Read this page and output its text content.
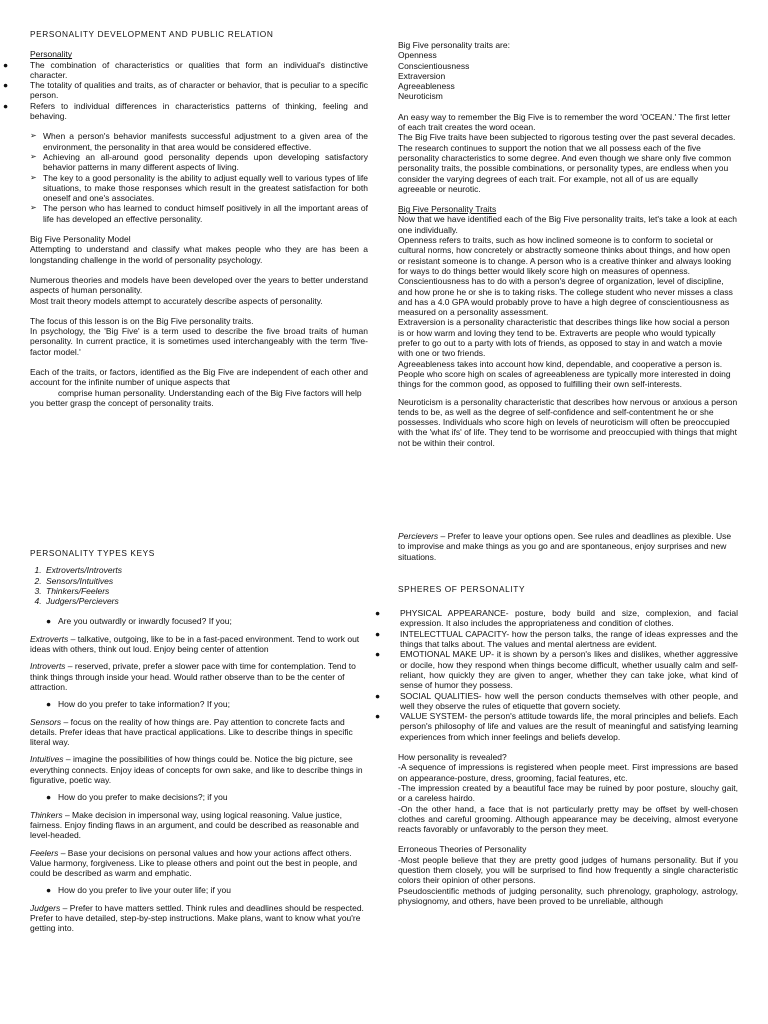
PERSONALITY DEVELOPMENT AND PUBLIC RELATION

Personality

●	The combination of characteristics or qualities that form an individual's distinctive character.

●	The totality of qualities and traits, as of character or behavior, that is peculiar to a specific person.

●	Refers to individual differences in characteristics patterns of thinking, feeling and behaving.

➢ When a person's behavior manifests successful adjustment to a given area of the environment, the personality in that area would be considered effective.

➢ Achieving an all-around good personality depends upon developing satisfactory behavior patterns in many different aspects of living.

➢ The key to a good personality is the ability to adjust equally well to various types of life situations, to make those responses which result in the greatest satisfaction for both oneself and one's associates.

➢ The person who has learned to conduct himself positively in all the important areas of life has developed an effective personality.

Big Five Personality Model

Attempting to understand and classify what makes people who they are has been a longstanding challenge in the world of personality psychology.

Numerous theories and models have been developed over the years to better understand aspects of human personality.

Most trait theory models attempt to accurately describe aspects of personality.

The focus of this lesson is on the Big Five personality traits.

In psychology, the 'Big Five' is a term used to describe the five broad traits of human personality. In current practice, it is sometimes used interchangeably with the term 'five-factor model.'

Each of the traits, or factors, identified as the Big Five are independent of each other and account for the infinite number of unique aspects that

comprise human personality. Understanding each of the Big Five factors will help you better grasp the concept of personality traits.

Big Five personality traits are:

Openness

Conscientiousness

Extraversion

Agreeableness

Neuroticism

An easy way to remember the Big Five is to remember the word 'OCEAN.' The first letter of each trait creates the word ocean.

The Big Five traits have been subjected to rigorous testing over the past several decades. The research continues to support the notion that we all possess each of the five personality characteristics to some degree. And even though we share only five common personality traits, the possible combinations, or personality types, are endless when you consider the varying degrees of each trait. For example, not all of us are equally agreeable or neurotic.

Big Five Personality Traits

Now that we have identified each of the Big Five personality traits, let's take a look at each one individually.

Openness refers to traits, such as how inclined someone is to conform to societal or cultural norms, how concretely or abstractly someone thinks about things, and how open or resistant someone is to change. A person who is a creative thinker and always looking for ways to do things better would likely score high on measures of openness.

Conscientiousness has to do with a person's degree of organization, level of discipline, and how prone he or she is to taking risks. The college student who never misses a class and has a 4.0 GPA would probably prove to have a high degree of conscientiousness as measured on a personality assessment.

Extraversion is a personality characteristic that describes things like how social a person is or how warm and loving they tend to be. Extraverts are people who would typically prefer to go out to a party with lots of friends, as opposed to stay in and watch a movie with one or two friends.

Agreeableness takes into account how kind, dependable, and cooperative a person is. People who score high on scales of agreeableness are typically more interested in doing things for the common good, as opposed to fulfilling their own self-interests.

Neuroticism is a personality characteristic that describes how nervous or anxious a person tends to be, as well as the degree of self-confidence and self-contentment he or she possesses. Individuals who score high on levels of neuroticism will often be preoccupied with the 'what ifs' of life. They tend to be worrisome and preoccupied with things that might not be within their control.

PERSONALITY TYPES KEYS

1. Extroverts/Introverts
2. Sensors/Intuitives
3. Thinkers/Feelers
4. Judgers/Percievers
● Are you outwardly or inwardly focused? If you;

Extroverts – talkative, outgoing, like to be in a fast-paced environment. Tend to work out ideas with others, think out loud. Enjoy being center of attention

Introverts – reserved, private, prefer a slower pace with time for contemplation. Tend to think things through inside your head. Would rather observe than to be the center of attraction.

● How do you prefer to take information? If you;

Sensors – focus on the reality of how things are. Pay attention to concrete facts and details. Prefer ideas that have practical applications. Like to describe things in specific literal way.

Intuitives – imagine the possibilities of how things could be. Notice the big picture, see everything connects. Enjoy ideas of concepts for own sake, and like to describe things in figurative, poetic way.

● How do you prefer to make decisions?; if you

Thinkers – Make decision in impersonal way, using logical reasoning. Value justice, fairness. Enjoy finding flaws in an argument, and could be described as reasonable and level-headed.

Feelers – Base your decisions on personal values and how your actions affect others. Value harmony, forgiveness. Like to please others and point out the best in people, and could be described as warm and emphatic.

● How do you prefer to live your outer life; if you

Judgers – Prefer to have matters settled. Think rules and deadlines should be respected. Prefer to have detailed, step-by-step instructions. Make plans, want to know what you're getting into.

Percievers – Prefer to leave your options open. See rules and deadlines as plexible. Use to improvise and make things as you go and are spontaneous, enjoy surprises and new situations.

SPHERES OF PERSONALITY

● PHYSICAL APPEARANCE- posture, body build and size, complexion, and facial expression. It also includes the appropriateness and condition of clothes.

● INTELECTTUAL CAPACITY- how the person talks, the range of ideas expresses and the things that talks about. The values and mental alertness are evident.

● EMOTIONAL MAKE UP- it is shown by a person's likes and dislikes, whether aggressive or docile, how they respond when things become difficult, whether usually calm and self-reliant, how quickly they are given to anger, whether they can take joke, what kind of sense of humor they possess.

● SOCIAL QUALITIES- how well the person conducts themselves with other people, and well they observe the rules of etiquette that govern society.

● VALUE SYSTEM- the person's attitude towards life, the moral principles and beliefs. Each person's philosophy of life and values are the result of meaningful and satisfying learning experiences from which inner feelings and beliefs develop.

How personality is revealed?

-A sequence of impressions is registered when people meet. First impressions are based on appearance-posture, dress, grooming, facial features, etc.

-The impression created by a beautiful face may be ruined by poor posture, slouchy gait, or a careless hairdo.

-On the other hand, a face that is not particularly pretty may be offset by well-chosen clothes and careful grooming. Although appearance may be deceiving, almost everyone reacts favorably or unfavorably to the person they meet.

Erroneous Theories of Personality

-Most people believe that they are pretty good judges of humans personality. But if you question them closely, you will be surprised to find how frequently a single characteristic colors their opinion of other persons.

Pseudoscientific methods of judging personality, such phrenology, graphology, astrology, physiognomy, and others, have been proved to be unreliable, although
